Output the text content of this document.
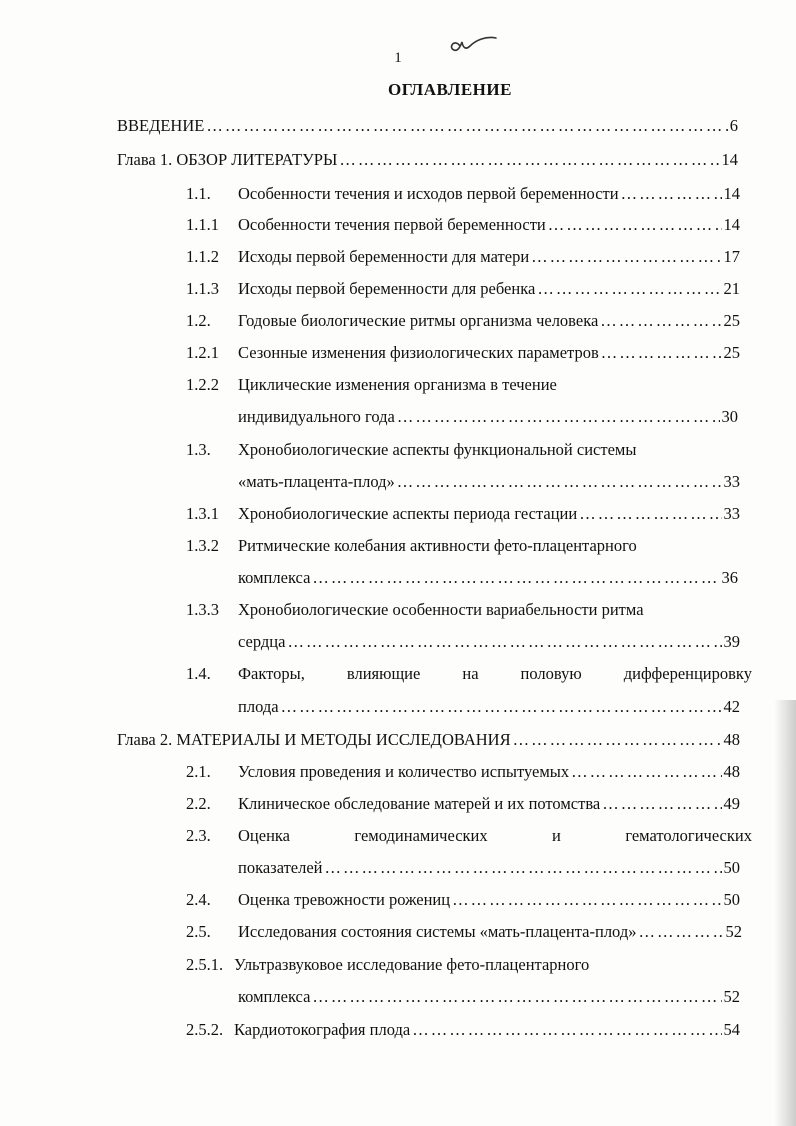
1
ОГЛАВЛЕНИЕ
ВВЕДЕНИЕ ……………………………………………………………………………………………………………………………………	6
Глава 1. ОБЗОР ЛИТЕРАТУРЫ ……………………………………………………………………………………………………………………………………	14
1.1.	Особенности течения и исходов первой беременности ……………………………………………………………………………………………………………………………………	14
1.1.1	Особенности течения первой беременности ……………………………………………………………………………………………………………………………………	14
1.1.2	Исходы первой беременности для матери ……………………………………………………………………………………………………………………………………	17
1.1.3	Исходы первой беременности для ребенка ……………………………………………………………………………………………………………………………………	21
1.2.	Годовые биологические ритмы организма человека ……………………………………………………………………………………………………………………………………	25
1.2.1	Сезонные изменения физиологических параметров ……………………………………………………………………………………………………………………………………	25
1.2.2	Циклические изменения организма в течение
индивидуального года ……………………………………………………………………………………………………………………………………	30
1.3.	Хронобиологические аспекты функциональной системы
«мать-плацента-плод» ……………………………………………………………………………………………………………………………………	33
1.3.1	Хронобиологические аспекты периода гестации ……………………………………………………………………………………………………………………………………	33
1.3.2	Ритмические колебания активности фето-плацентарного
комплекса ……………………………………………………………………………………………………………………………………	36
1.3.3	Хронобиологические особенности вариабельности ритма
сердца ……………………………………………………………………………………………………………………………………	39
1.4.	Факторы,	влияющие	на	половую	дифференцировку
плода ……………………………………………………………………………………………………………………………………	42
Глава 2. МАТЕРИАЛЫ И МЕТОДЫ ИССЛЕДОВАНИЯ ……………………………………………………………………………………………………………………………………	48
2.1.	Условия проведения и количество испытуемых ……………………………………………………………………………………………………………………………………	48
2.2.	Клиническое обследование матерей и их потомства ……………………………………………………………………………………………………………………………………	49
2.3.	Оценка	гемодинамических	и	гематологических
показателей ……………………………………………………………………………………………………………………………………	50
2.4.	Оценка тревожности рожениц ……………………………………………………………………………………………………………………………………	50
2.5.	Исследования состояния системы «мать-плацента-плод» ……………………………………………………………………………………………………………………………………	52
2.5.1. Ультразвуковое исследование фето-плацентарного
комплекса ……………………………………………………………………………………………………………………………………	52
2.5.2. Кардиотокография плода ……………………………………………………………………………………………………………………………………	54
